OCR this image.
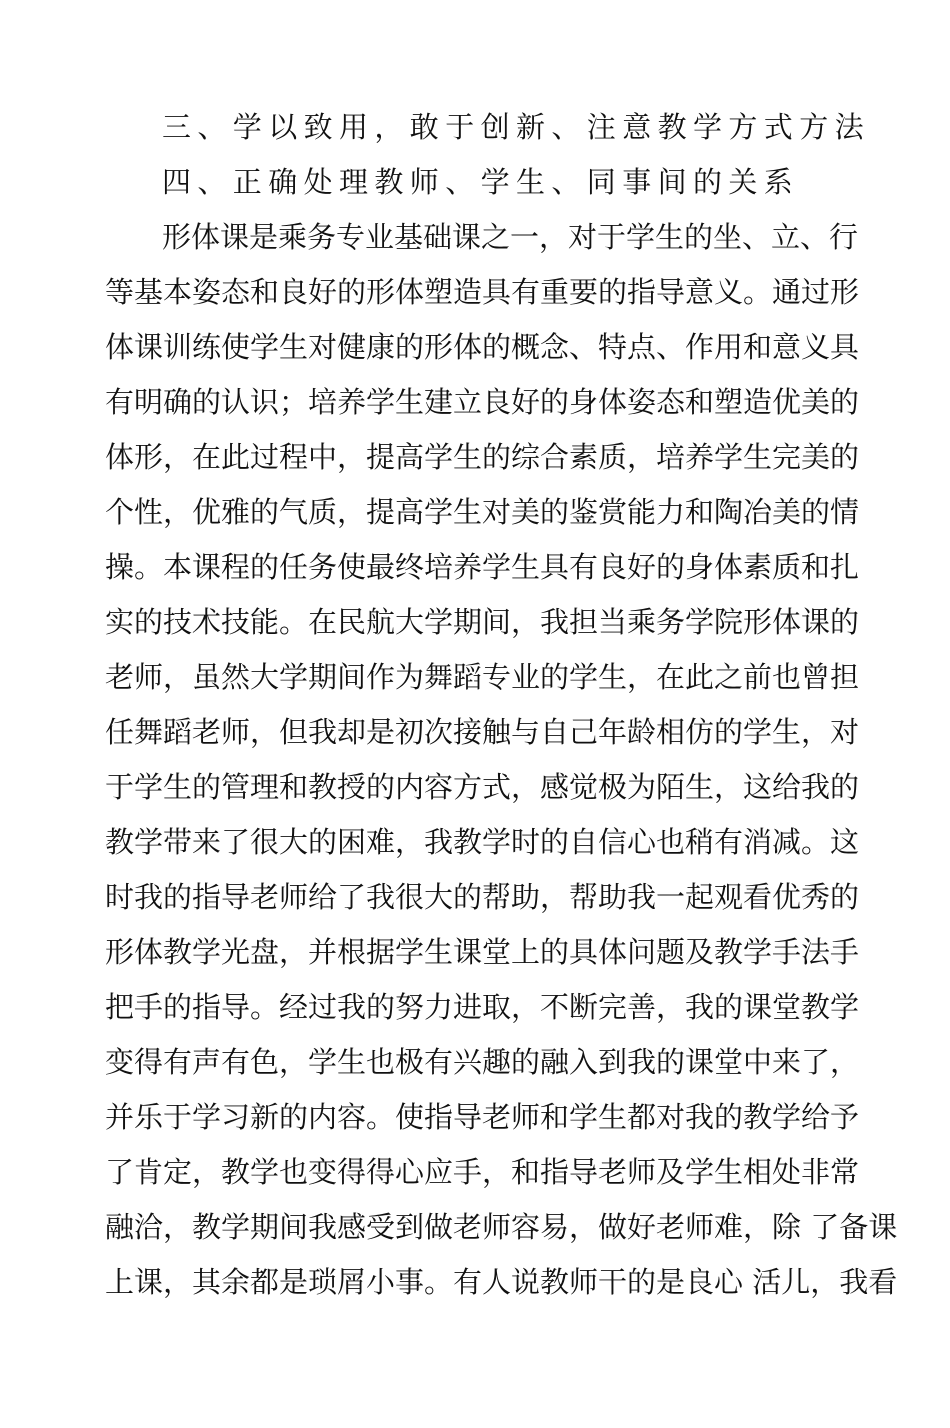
三、学以致用，敢于创新、注意教学方式方法
四、正确处理教师、学生、同事间的关系
形体课是乘务专业基础课之一，对于学生的坐、立、行
等基本姿态和良好的形体塑造具有重要的指导意义。通过形
体课训练使学生对健康的形体的概念、特点、作用和意义具
有明确的认识；培养学生建立良好的身体姿态和塑造优美的
体形，在此过程中，提高学生的综合素质，培养学生完美的
个性，优雅的气质，提高学生对美的鉴赏能力和陶冶美的情
操。本课程的任务使最终培养学生具有良好的身体素质和扎
实的技术技能。在民航大学期间，我担当乘务学院形体课的
老师，虽然大学期间作为舞蹈专业的学生，在此之前也曾担
任舞蹈老师，但我却是初次接触与自己年龄相仿的学生，对
于学生的管理和教授的内容方式，感觉极为陌生，这给我的
教学带来了很大的困难，我教学时的自信心也稍有消减。这
时我的指导老师给了我很大的帮助，帮助我一起观看优秀的
形体教学光盘，并根据学生课堂上的具体问题及教学手法手
把手的指导。经过我的努力进取，不断完善，我的课堂教学
变得有声有色，学生也极有兴趣的融入到我的课堂中来了，
并乐于学习新的内容。使指导老师和学生都对我的教学给予
了肯定，教学也变得得心应手，和指导老师及学生相处非常
融洽，教学期间我感受到做老师容易，做好老师难，除 了备课
上课，其余都是琐屑小事。有人说教师干的是良心 活儿，我看
